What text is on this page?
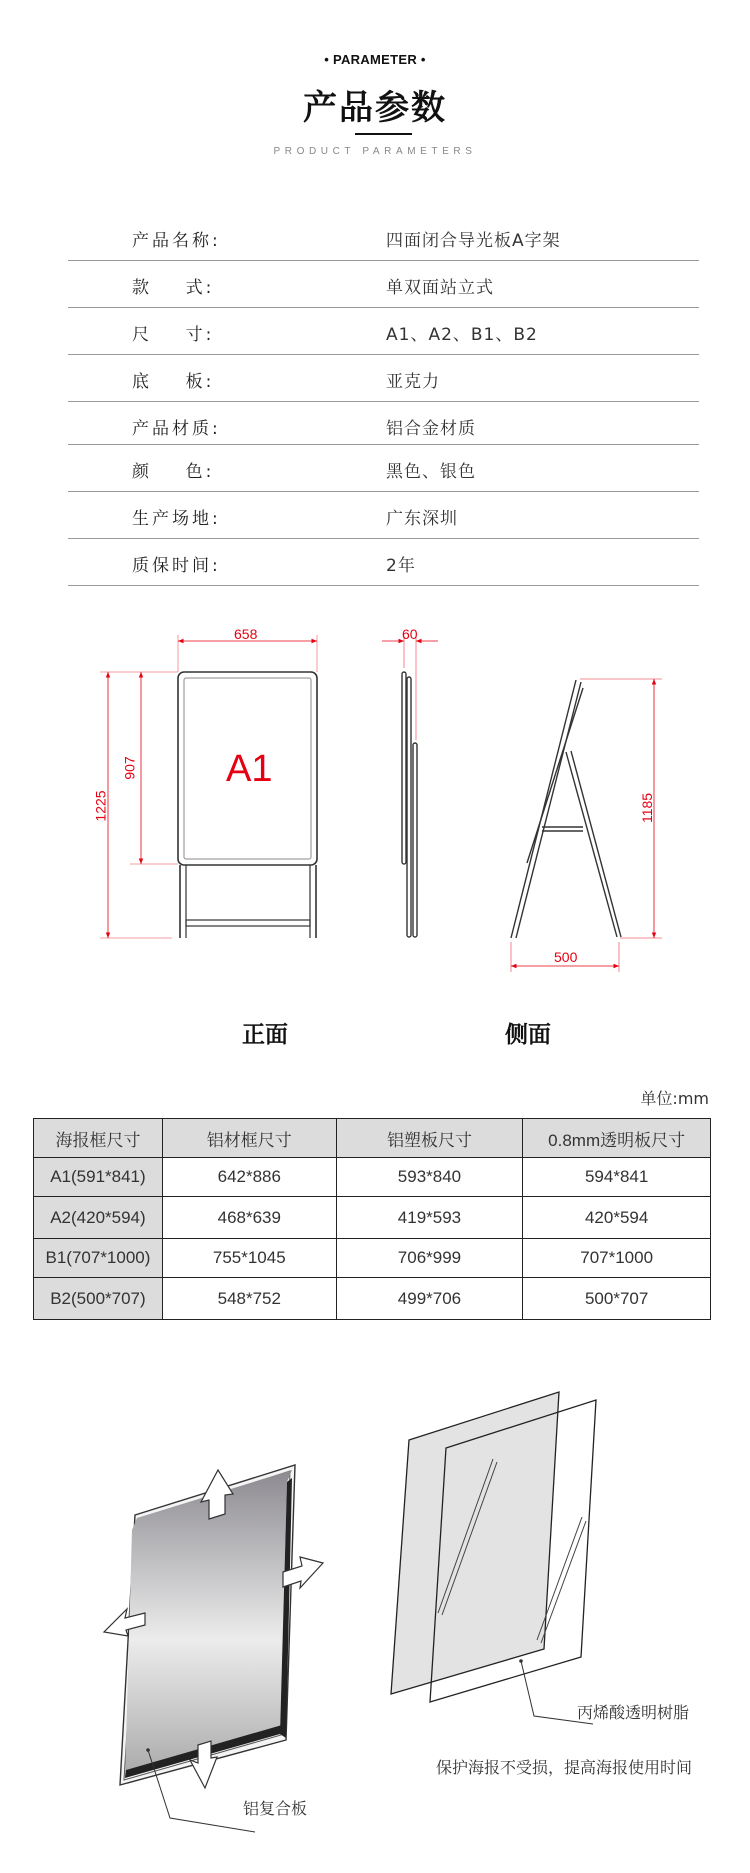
• PARAMETER •
产品参数
PRODUCT PARAMETERS
产品名称:	四面闭合导光板A字架
款    式:	单双面站立式
尺    寸:	A1、A2、B1、B2
底    板:	亚克力
产品材质:	铝合金材质
颜    色:	黑色、银色
生产场地:	广东深圳
质保时间:	2年
658
907
1225
A1
60
1185
500
正面	侧面
单位:mm
海报框尺寸	铝材框尺寸	铝塑板尺寸	0.8mm透明板尺寸
A1(591*841)	642*886	593*840	594*841
A2(420*594)	468*639	419*593	420*594
B1(707*1000)	755*1045	706*999	707*1000
B2(500*707)	548*752	499*706	500*707
铝复合板
丙烯酸透明树脂
保护海报不受损，提高海报使用时间
